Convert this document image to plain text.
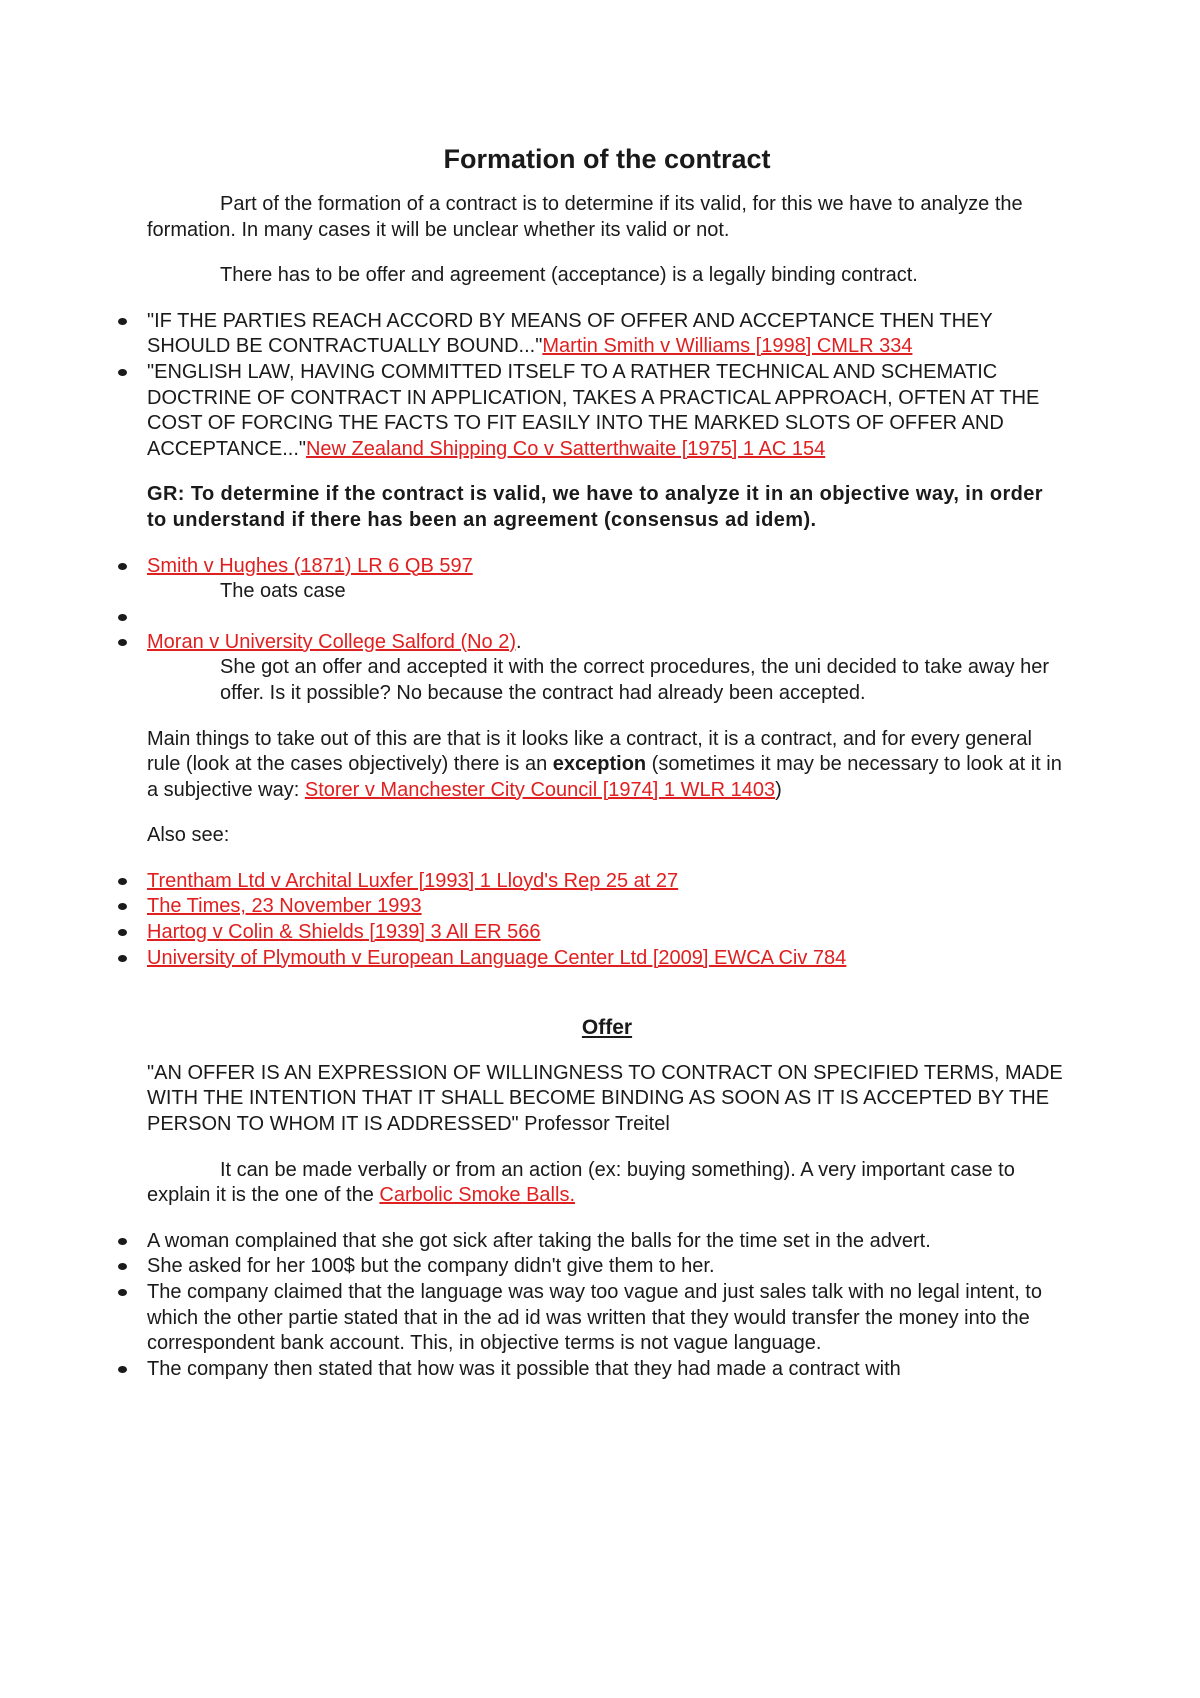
Formation of the contract

Part of the formation of a contract is to determine if its valid, for this we have to analyze the formation. In many cases it will be unclear whether its valid or not.

There has to be offer and agreement (acceptance) is a legally binding contract.

"IF THE PARTIES REACH ACCORD BY MEANS OF OFFER AND ACCEPTANCE THEN THEY SHOULD BE CONTRACTUALLY BOUND..."Martin Smith v Williams [1998] CMLR 334
"ENGLISH LAW, HAVING COMMITTED ITSELF TO A RATHER TECHNICAL AND SCHEMATIC DOCTRINE OF CONTRACT IN APPLICATION, TAKES A PRACTICAL APPROACH, OFTEN AT THE COST OF FORCING THE FACTS TO FIT EASILY INTO THE MARKED SLOTS OF OFFER AND ACCEPTANCE..."New Zealand Shipping Co v Satterthwaite [1975] 1 AC 154

GR: To determine if the contract is valid, we have to analyze it in an objective way, in order to understand if there has been an agreement (consensus ad idem).

Smith v Hughes (1871) LR 6 QB 597
The oats case
Moran v University College Salford (No 2).
She got an offer and accepted it with the correct procedures, the uni decided to take away her offer. Is it possible? No because the contract had already been accepted.

Main things to take out of this are that is it looks like a contract, it is a contract, and for every general rule (look at the cases objectively) there is an exception (sometimes it may be necessary to look at it in a subjective way: Storer v Manchester City Council [1974] 1 WLR 1403)

Also see:

Trentham Ltd v Archital Luxfer [1993] 1 Lloyd's Rep 25 at 27
The Times, 23 November 1993
Hartog v Colin & Shields [1939] 3 All ER 566
University of Plymouth v European Language Center Ltd [2009] EWCA Civ 784

Offer

"AN OFFER IS AN EXPRESSION OF WILLINGNESS TO CONTRACT ON SPECIFIED TERMS, MADE WITH THE INTENTION THAT IT SHALL BECOME BINDING AS SOON AS IT IS ACCEPTED BY THE PERSON TO WHOM IT IS ADDRESSED" Professor Treitel

It can be made verbally or from an action (ex: buying something). A very important case to explain it is the one of the Carbolic Smoke Balls.

A woman complained that she got sick after taking the balls for the time set in the advert.
She asked for her 100$ but the company didn't give them to her.
The company claimed that the language was way too vague and just sales talk with no legal intent, to which the other partie stated that in the ad id was written that they would transfer the money into the correspondent bank account. This, in objective terms is not vague language.
The company then stated that how was it possible that they had made a contract with
